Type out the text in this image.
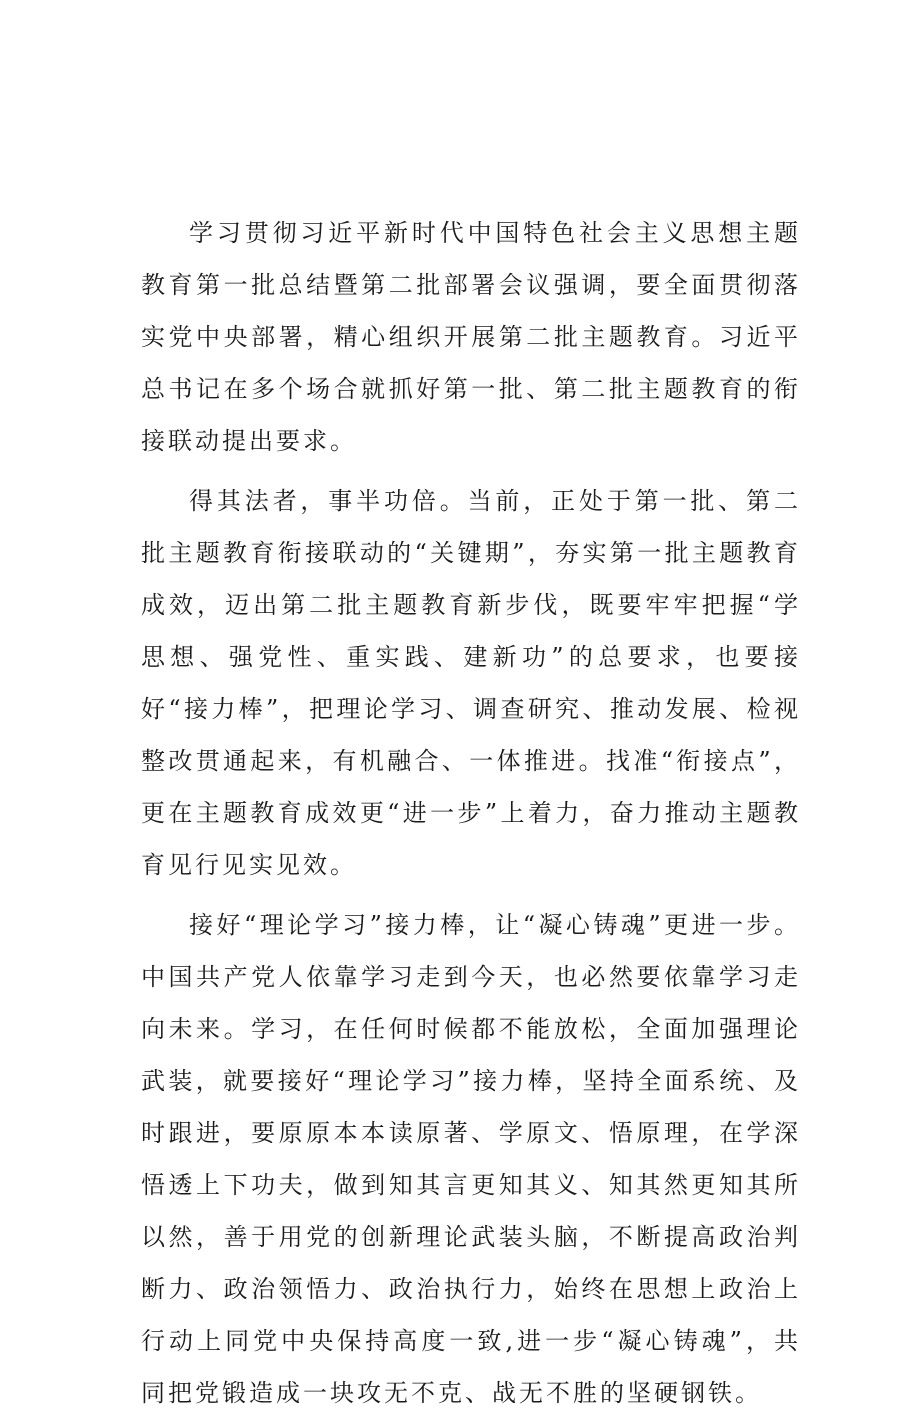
学习贯彻习近平新时代中国特色社会主义思想主题教育第一批总结暨第二批部署会议强调，要全面贯彻落实党中央部署，精心组织开展第二批主题教育。习近平总书记在多个场合就抓好第一批、第二批主题教育的衔接联动提出要求。

得其法者，事半功倍。当前，正处于第一批、第二批主题教育衔接联动的“关键期”，夯实第一批主题教育成效，迈出第二批主题教育新步伐，既要牢牢把握“学思想、强党性、重实践、建新功”的总要求，也要接好“接力棒”，把理论学习、调查研究、推动发展、检视整改贯通起来，有机融合、一体推进。找准“衔接点”，更在主题教育成效更“进一步”上着力，奋力推动主题教育见行见实见效。

接好“理论学习”接力棒，让“凝心铸魂”更进一步。中国共产党人依靠学习走到今天，也必然要依靠学习走向未来。学习，在任何时候都不能放松，全面加强理论武装，就要接好“理论学习”接力棒，坚持全面系统、及时跟进，要原原本本读原著、学原文、悟原理，在学深悟透上下功夫，做到知其言更知其义、知其然更知其所以然，善于用党的创新理论武装头脑，不断提高政治判断力、政治领悟力、政治执行力，始终在思想上政治上行动上同党中央保持高度一致,进一步“凝心铸魂”，共同把党锻造成一块攻无不克、战无不胜的坚硬钢铁。
